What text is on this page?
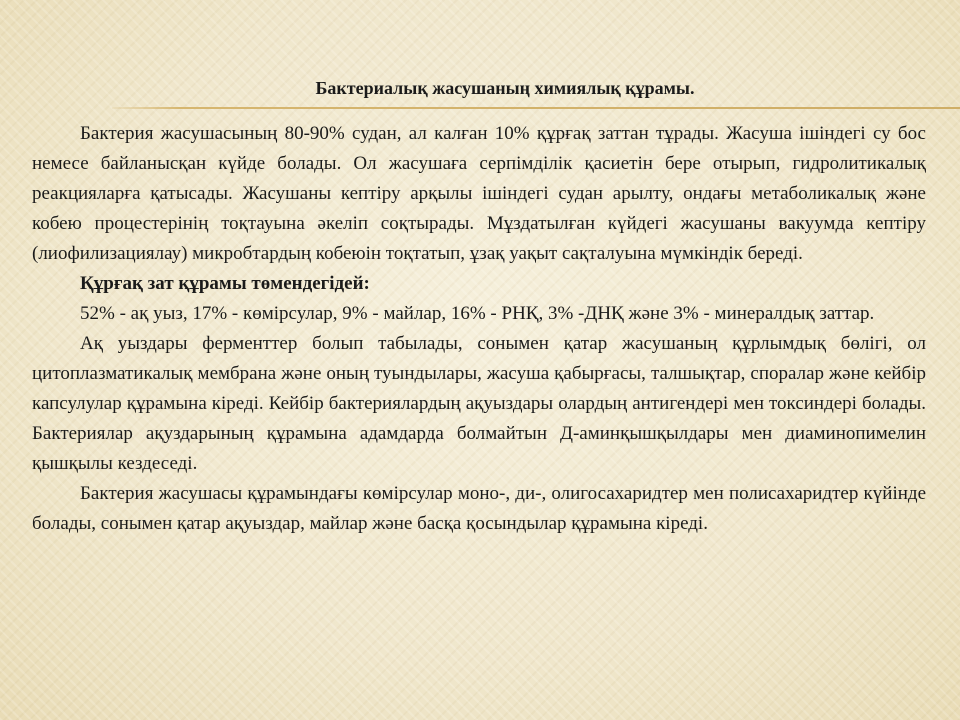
Бактериалық жасушаның химиялық құрамы.

Бактерия жасушасының 80-90% судан, ал калған 10% құрғақ заттан тұрады. Жасуша ішіндегі су бос немесе байланысқан күйде болады. Ол жасушаға серпімділік қасиетін бере отырып, гидролитикалық реакцияларға қатысады. Жасушаны кептіру арқылы ішіндегі судан арылту, ондағы метаболикалық және кобею процестерінің тоқтауына әкеліп соқтырады. Мұздатылған күйдегі жасушаны вакуумда кептіру (лиофилизациялау) микробтардың кобеюін тоқтатып, ұзақ уақыт сақталуына мүмкіндік береді.

Құрғақ зат құрамы төмендегідей:

52% - ақ уыз, 17% - көмірсулар, 9% - майлар, 16% - РНҚ, 3% -ДНҚ және 3% - минералдық заттар.

Ақ уыздары ферменттер болып табылады, сонымен қатар жасушаның құрлымдық бөлігі, ол цитоплазматикалық мембрана және оның туындылары, жасуша қабырғасы, талшықтар, споралар және кейбір капсулулар құрамына кіреді. Кейбір бактериялардың ақуыздары олардың антигендері мен токсиндері болады. Бактериялар ақуздарының құрамына адамдарда болмайтын Д-аминқышқылдары мен диаминопимелин қышқылы кездеседі.

Бактерия жасушасы құрамындағы көмірсулар моно-, ди-, олигосахаридтер мен полисахаридтер күйінде болады, сонымен қатар ақуыздар, майлар және басқа қосындылар құрамына кіреді.
